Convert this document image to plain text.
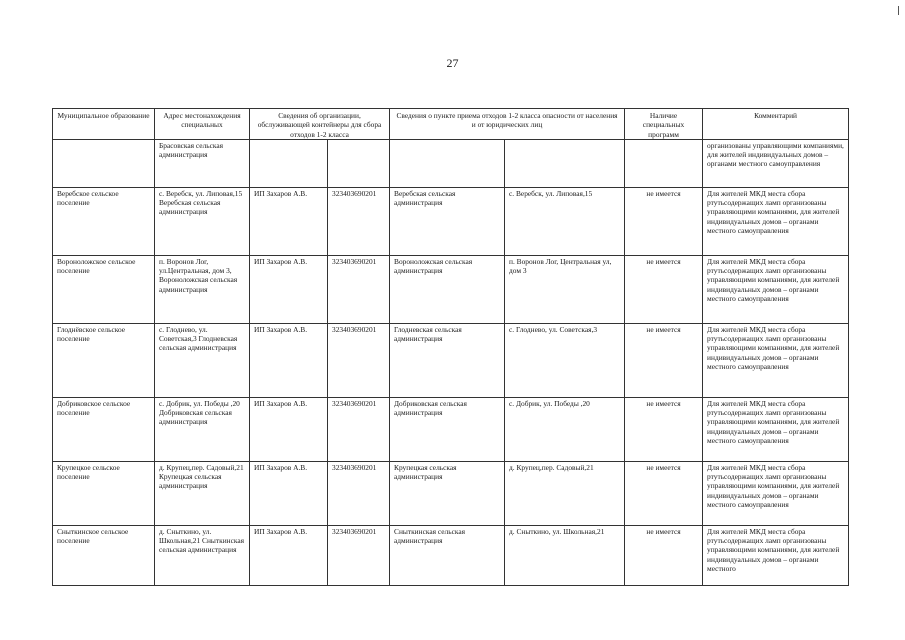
27
Муниципальное образование	Адрес местонахождения специальных	Сведения об организации, обслуживающей контейнеры для сбора отходов 1-2 класса		Сведения о пункте приема отходов 1-2 класса опасности от населения и от юридических лиц		Наличие специальных программ	Комментарий
	Брасовская сельская администрация						организованы управляющими компаниями, для жителей индивидуальных домов – органами местного самоуправления
Веребское сельское поселение	с. Веребск, ул. Липовая,15 Веребская сельская администрация	ИП Захаров А.В.	323403690201	Веребская сельская администрация	с. Веребск, ул. Липовая,15	не имеется	Для жителей МКД места сбора ртутьсодержащих ламп организованы управляющими компаниями, для жителей индивидуальных домов – органами местного самоуправления
Вороноложское сельское поселение	п. Воронов Лог, ул.Центральная, дом 3, Вороноложская сельская администрация	ИП Захаров А.В.	323403690201	Вороноложская сельская администрация	п. Воронов Лог, Центральная ул, дом 3	не имеется	Для жителей МКД места сбора ртутьсодержащих ламп организованы управляющими компаниями, для жителей индивидуальных домов – органами местного самоуправления
Глоднёвское сельское поселение	с. Глоднево, ул. Советская,3 Глодневская сельская администрация	ИП Захаров А.В.	323403690201	Глодневская сельская администрация	с. Глоднево, ул. Советская,3	не имеется	Для жителей МКД места сбора ртутьсодержащих ламп организованы управляющими компаниями, для жителей индивидуальных домов – органами местного самоуправления
Добриковское сельское поселение	с. Добрик, ул. Победы ,20 Добриковская сельская администрация	ИП Захаров А.В.	323403690201	Добриковская сельская администрация	с. Добрик, ул. Победы ,20	не имеется	Для жителей МКД места сбора ртутьсодержащих ламп организованы управляющими компаниями, для жителей индивидуальных домов – органами местного самоуправления
Крупецкое сельское поселение	д. Крупец,пер. Садовый,21 Крупецкая сельская администрация	ИП Захаров А.В.	323403690201	Крупецкая сельская администрация	д. Крупец,пер. Садовый,21	не имеется	Для жителей МКД места сбора ртутьсодержащих ламп организованы управляющими компаниями, для жителей индивидуальных домов – органами местного самоуправления
Сныткинское сельское поселение	д. Сныткино, ул. Школьная,21 Сныткинская сельская администрация	ИП Захаров А.В.	323403690201	Сныткинская сельская администрация	д. Сныткино, ул. Школьная,21	не имеется	Для жителей МКД места сбора ртутьсодержащих ламп организованы управляющими компаниями, для жителей индивидуальных домов – органами местного
